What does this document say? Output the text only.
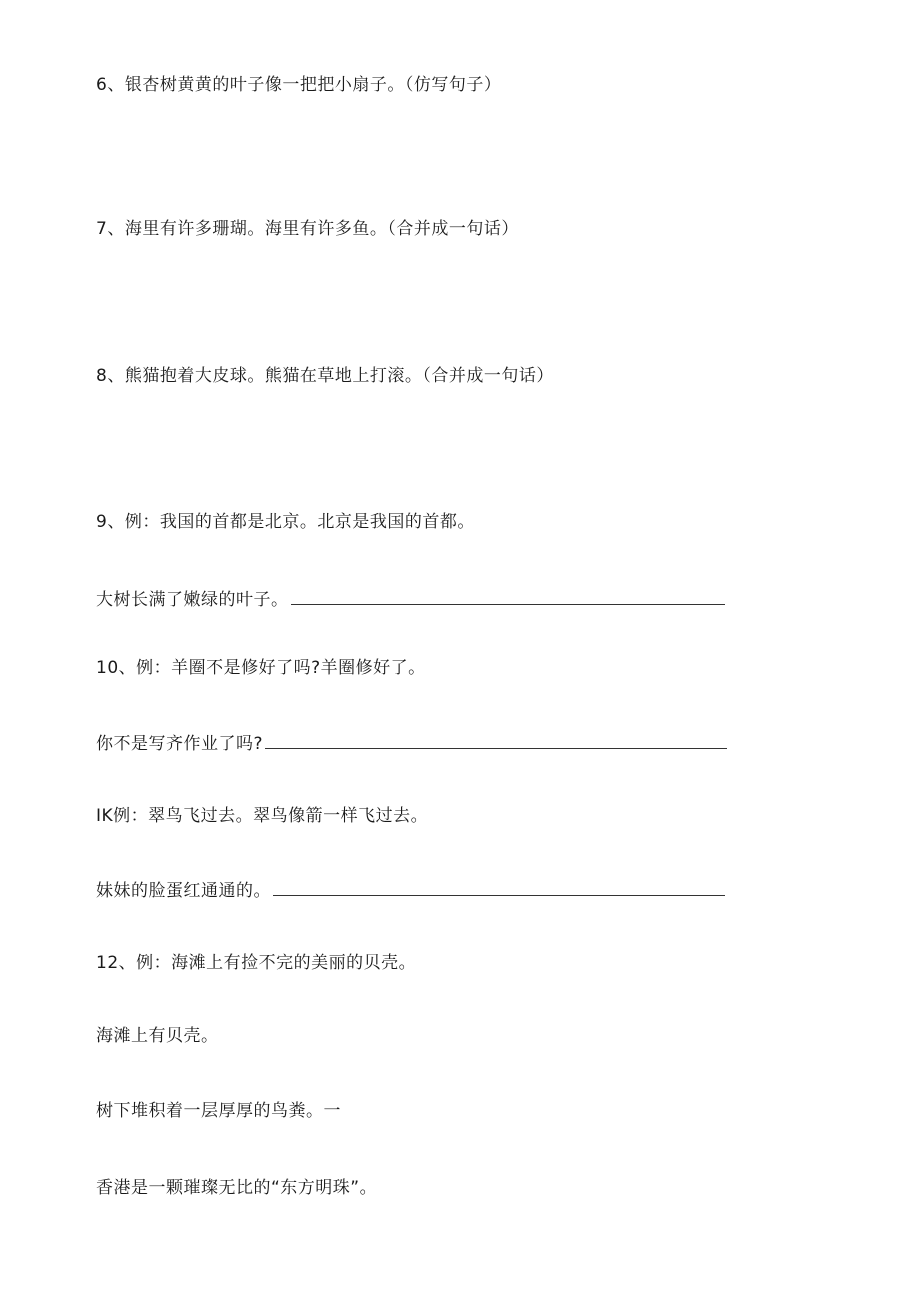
6、银杏树黄黄的叶子像一把把小扇子。（仿写句子）
7、海里有许多珊瑚。海里有许多鱼。（合并成一句话）
8、熊猫抱着大皮球。熊猫在草地上打滚。（合并成一句话）
9、例：我国的首都是北京。北京是我国的首都。
大树长满了嫩绿的叶子。
10、例：羊圈不是修好了吗?羊圈修好了。
你不是写齐作业了吗?
IK例：翠鸟飞过去。翠鸟像箭一样飞过去。
妹妹的脸蛋红通通的。
12、例：海滩上有捡不完的美丽的贝壳。
海滩上有贝壳。
树下堆积着一层厚厚的鸟粪。一
香港是一颗璀璨无比的“东方明珠”。
